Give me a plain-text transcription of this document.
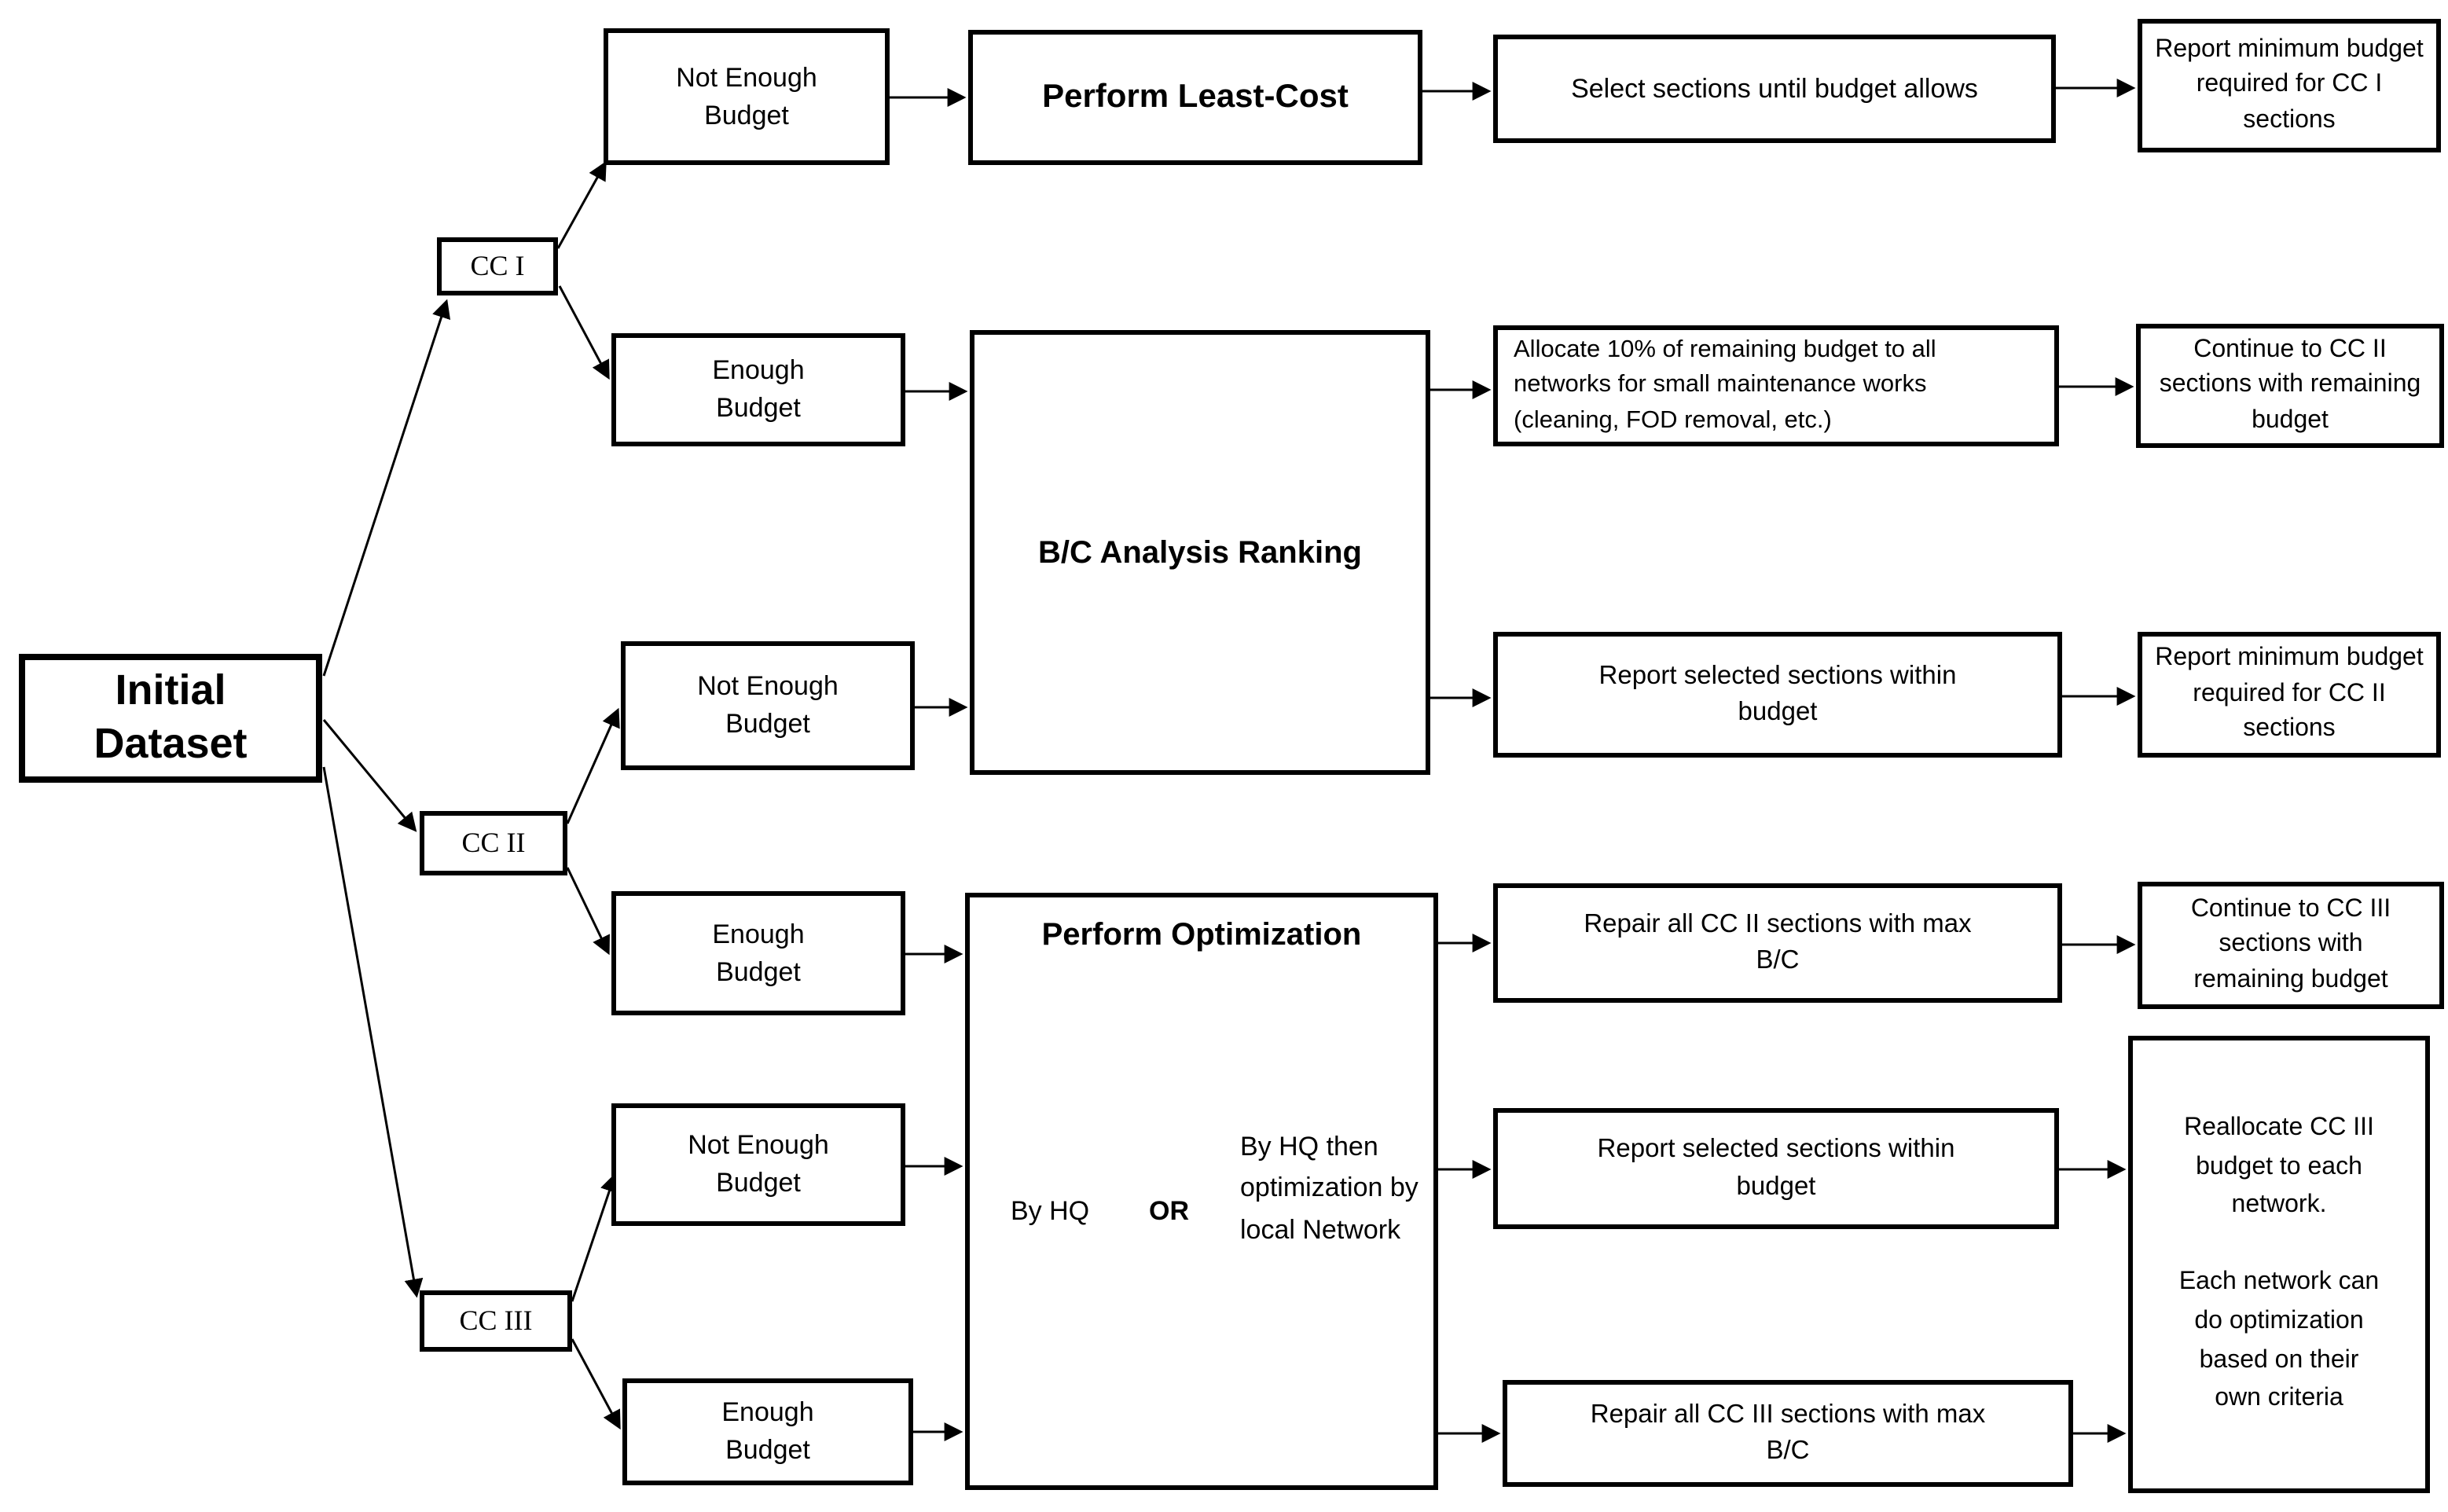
Initial Dataset
CC I
CC II
CC III
Not Enough Budget	Perform Least-Cost	Select sections until budget allows
Report minimum budget required for CC I sections
Enough Budget
B/C Analysis Ranking
Allocate 10% of remaining budget to all networks for small maintenance works (cleaning, FOD removal, etc.)
Continue to CC II sections with remaining budget
Not Enough Budget
Report selected sections within budget
Report minimum budget required for CC II sections
Enough Budget
Perform Optimization
By HQ	OR
By HQ then optimization by local Network
Repair all CC II sections with max B/C
Continue to CC III sections with remaining budget
Not Enough Budget
Report selected sections within budget

Reallocate CC III budget to each network.

Each network can do optimization based on their own criteria

Enough Budget
Repair all CC III sections with max B/C
